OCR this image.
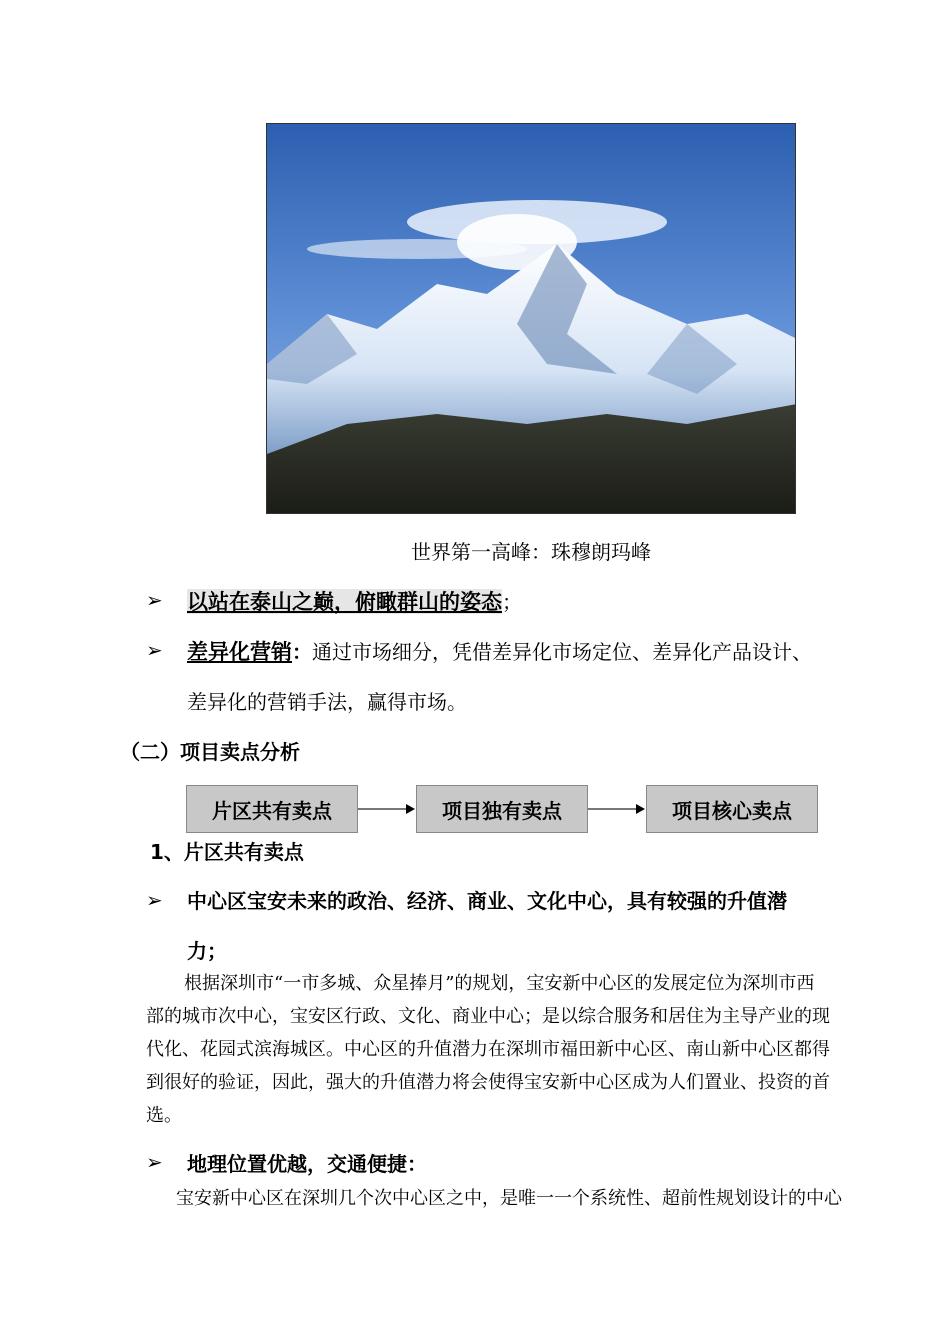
世界第一高峰：珠穆朗玛峰
➢ 以站在泰山之巅，俯瞰群山的姿态；
➢ 差异化营销：通过市场细分，凭借差异化市场定位、差异化产品设计、
差异化的营销手法，赢得市场。
（二）项目卖点分析
片区共有卖点	项目独有卖点	项目核心卖点
1、片区共有卖点
➢ 中心区宝安未来的政治、经济、商业、文化中心，具有较强的升值潜
力；
根据深圳市“一市多城、众星捧月”的规划，宝安新中心区的发展定位为深圳市西
部的城市次中心，宝安区行政、文化、商业中心；是以综合服务和居住为主导产业的现
代化、花园式滨海城区。中心区的升值潜力在深圳市福田新中心区、南山新中心区都得
到很好的验证，因此，强大的升值潜力将会使得宝安新中心区成为人们置业、投资的首
选。
➢ 地理位置优越，交通便捷：
宝安新中心区在深圳几个次中心区之中，是唯一一个系统性、超前性规划设计的中心
